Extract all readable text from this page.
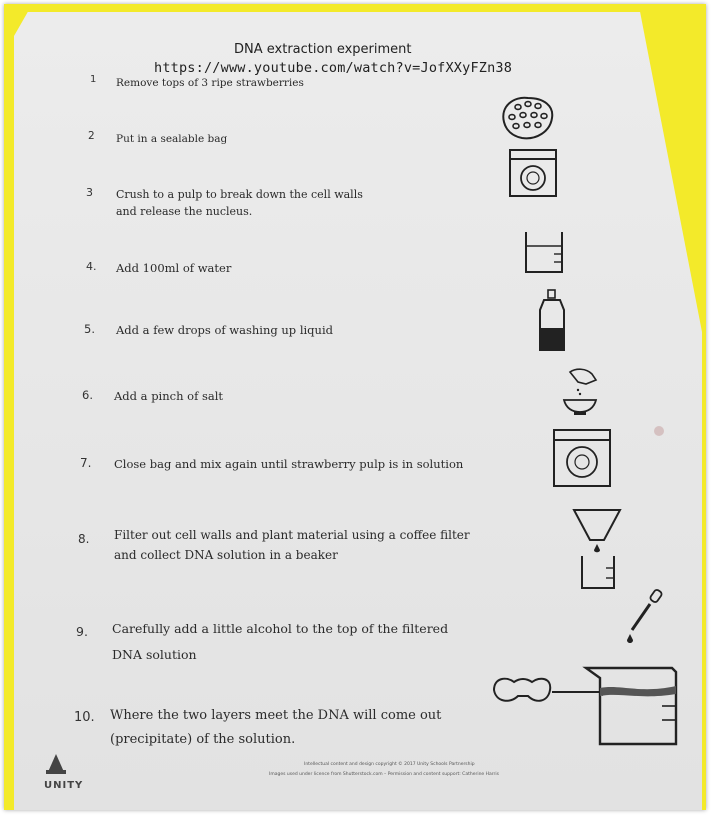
DNA extraction experiment
https://www.youtube.com/watch?v=JofXXyFZn38
1 Remove tops of 3 ripe strawberries
2 Put in a sealable bag
3 Crush to a pulp to break down the cell walls
and release the nucleus.
4. Add 100ml of water
5. Add a few drops of washing up liquid
6. Add a pinch of salt
7. Close bag and mix again until strawberry pulp is in solution
8. Filter out cell walls and plant material using a coffee filter
and collect DNA solution in a beaker
9. Carefully add a little alcohol to the top of the filtered
DNA solution
10. Where the two layers meet the DNA will come out
(precipitate) of the solution.
UNITY
Intellectual content and design copyright © 2017 Unity Schools Partnership
Images used under licence from Shutterstock.com – Permission and content support: Catherine Harris
